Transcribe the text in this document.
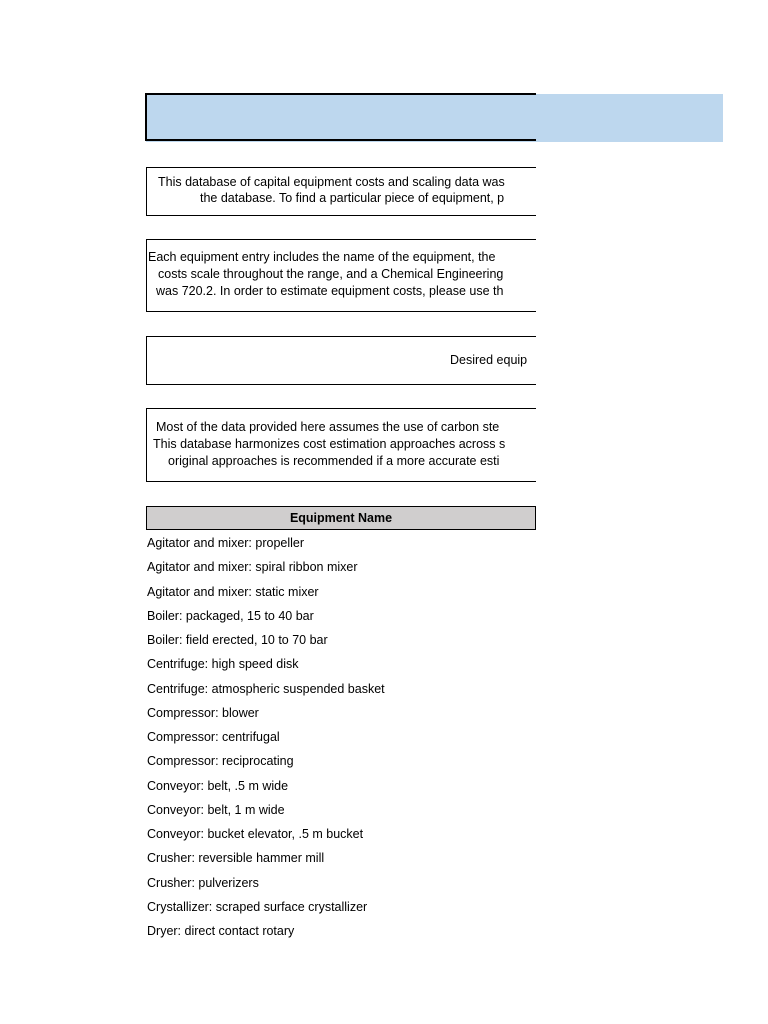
This database of capital equipment costs and scaling data was
the database. To find a particular piece of equipment, p
Each equipment entry includes the name of the equipment, the
costs scale throughout the range, and a Chemical Engineering
was 720.2. In order to estimate equipment costs, please use th
Desired equip
Most of the data provided here assumes the use of carbon ste
This database harmonizes cost estimation approaches across s
original approaches is recommended if a more accurate esti
Equipment Name
Agitator and mixer: propeller
Agitator and mixer: spiral ribbon mixer
Agitator and mixer: static mixer
Boiler: packaged, 15 to 40 bar
Boiler: field erected, 10 to 70 bar
Centrifuge: high speed disk
Centrifuge: atmospheric suspended basket
Compressor: blower
Compressor: centrifugal
Compressor: reciprocating
Conveyor: belt, .5 m wide
Conveyor: belt, 1 m wide
Conveyor: bucket elevator, .5 m bucket
Crusher: reversible hammer mill
Crusher: pulverizers
Crystallizer: scraped surface crystallizer
Dryer: direct contact rotary
